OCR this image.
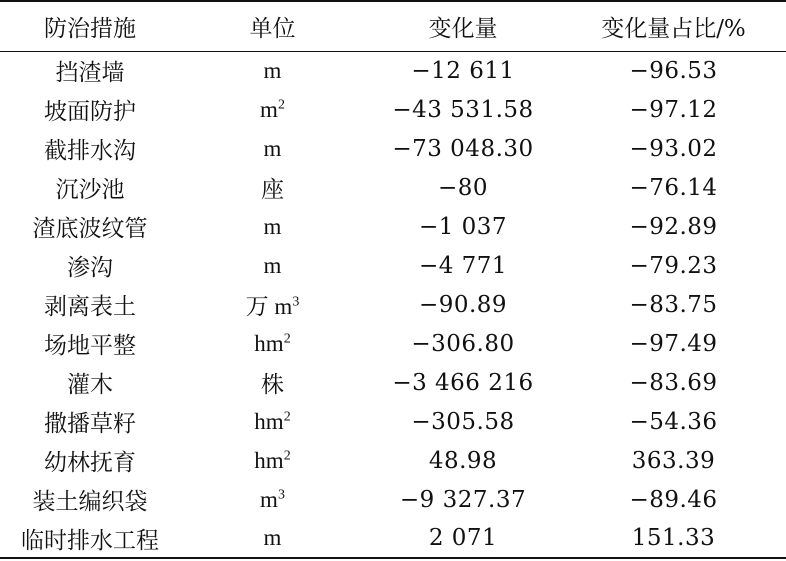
防治措施	单位	变化量	变化量占比/%
挡渣墙	m	−12 611	−96.53
坡面防护	$m^2$	−43 531.58	−97.12
截排水沟	m	−73 048.30	−93.02
沉沙池	座	−80	−76.14
渣底波纹管	m	−1 037	−92.89
渗沟	m	−4 771	−79.23
剥离表土	万 $m^3$	−90.89	−83.75
场地平整	$hm^2$	−306.80	−97.49
灌木	株	−3 466 216	−83.69
撒播草籽	$hm^2$	−305.58	−54.36
幼林抚育	$hm^2$	48.98	363.39
装土编织袋	$m^3$	−9 327.37	−89.46
临时排水工程	m	2 071	151.33
